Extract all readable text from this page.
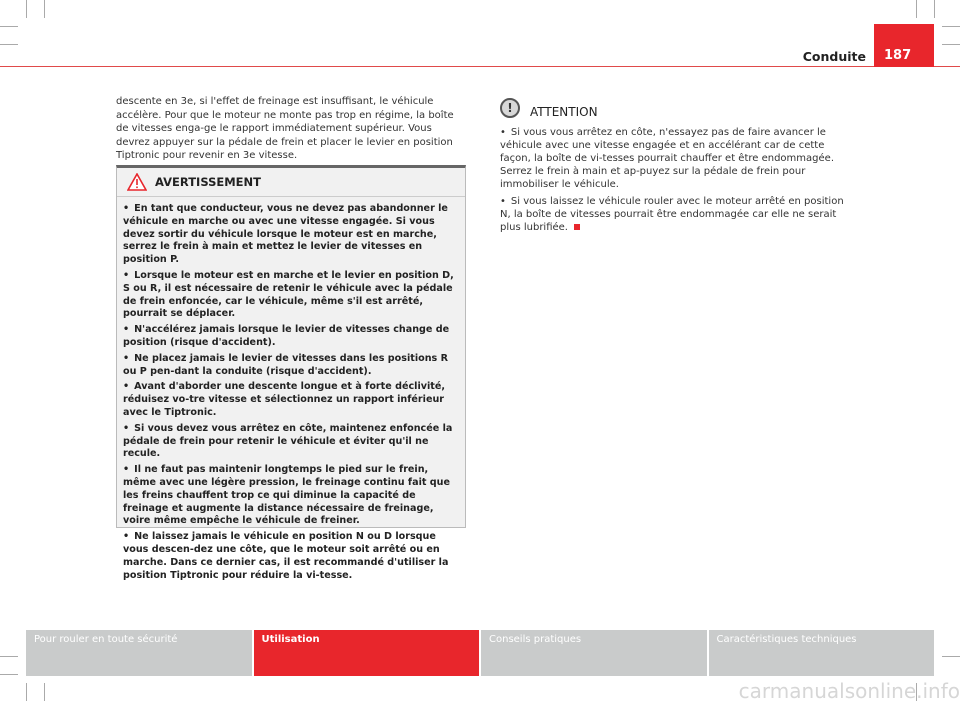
Conduite 187

descente en 3e, si l'effet de freinage est insuffisant, le véhicule accélère. Pour que le moteur ne monte pas trop en régime, la boîte de vitesses enga-ge le rapport immédiatement supérieur. Vous devrez appuyer sur la pédale de frein et placer le levier en position Tiptronic pour revenir en 3e vitesse.

AVERTISSEMENT
• En tant que conducteur, vous ne devez pas abandonner le véhicule en marche ou avec une vitesse engagée. Si vous devez sortir du véhicule lorsque le moteur est en marche, serrez le frein à main et mettez le levier de vitesses en position P.
• Lorsque le moteur est en marche et le levier en position D, S ou R, il est nécessaire de retenir le véhicule avec la pédale de frein enfoncée, car le véhicule, même s'il est arrêté, pourrait se déplacer.
• N'accélérez jamais lorsque le levier de vitesses change de position (risque d'accident).
• Ne placez jamais le levier de vitesses dans les positions R ou P pen-dant la conduite (risque d'accident).
• Avant d'aborder une descente longue et à forte déclivité, réduisez vo-tre vitesse et sélectionnez un rapport inférieur avec le Tiptronic.
• Si vous devez vous arrêtez en côte, maintenez enfoncée la pédale de frein pour retenir le véhicule et éviter qu'il ne recule.
• Il ne faut pas maintenir longtemps le pied sur le frein, même avec une légère pression, le freinage continu fait que les freins chauffent trop ce qui diminue la capacité de freinage et augmente la distance nécessaire de freinage, voire même empêche le véhicule de freiner.
• Ne laissez jamais le véhicule en position N ou D lorsque vous descen-dez une côte, que le moteur soit arrêté ou en marche. Dans ce dernier cas, il est recommandé d'utiliser la position Tiptronic pour réduire la vi-tesse.
! ATTENTION
• Si vous vous arrêtez en côte, n'essayez pas de faire avancer le véhicule avec une vitesse engagée et en accélérant car de cette façon, la boîte de vi-tesses pourrait chauffer et être endommagée. Serrez le frein à main et ap-puyez sur la pédale de frein pour immobiliser le véhicule.
• Si vous laissez le véhicule rouler avec le moteur arrêté en position N, la boîte de vitesses pourrait être endommagée car elle ne serait plus lubrifiée.
Pour rouler en toute sécurité	Utilisation	Conseils pratiques	Caractéristiques techniques
carmanualsonline.info
